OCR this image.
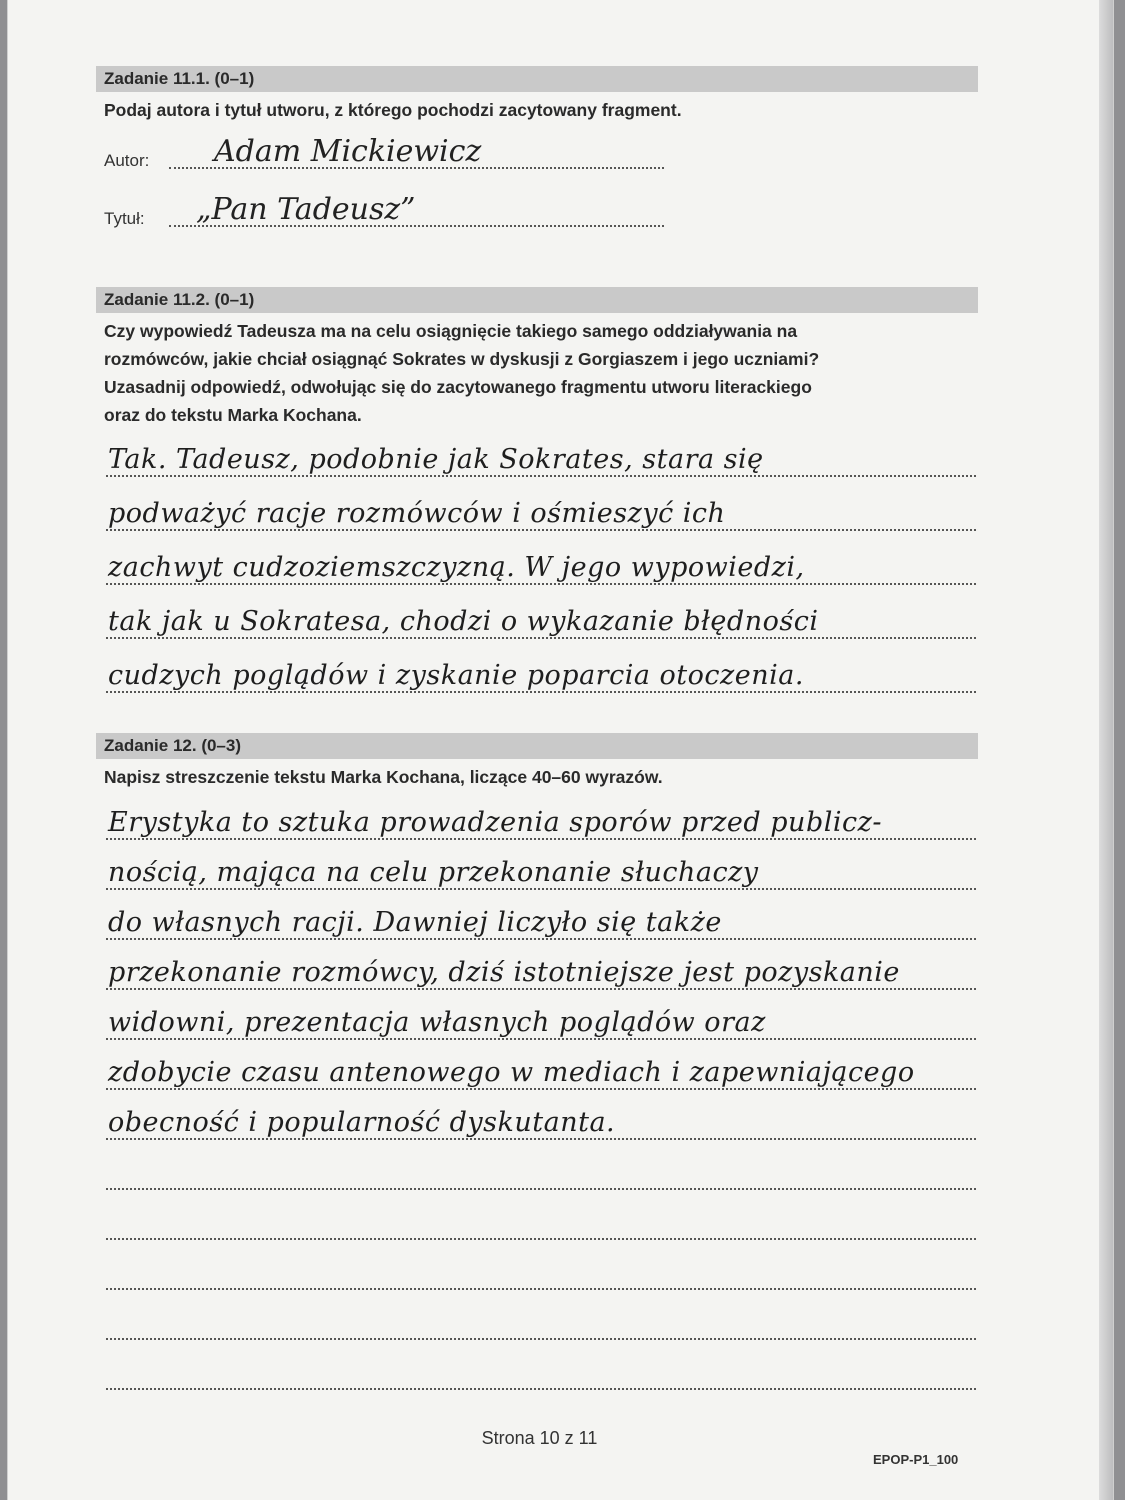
Zadanie 11.1. (0–1)
Podaj autora i tytuł utworu, z którego pochodzi zacytowany fragment.
Autor: Adam Mickiewicz
Tytuł: „Pan Tadeusz”
Zadanie 11.2. (0–1)
Czy wypowiedź Tadeusza ma na celu osiągnięcie takiego samego oddziaływania na
rozmówców, jakie chciał osiągnąć Sokrates w dyskusji z Gorgiaszem i jego uczniami?
Uzasadnij odpowiedź, odwołując się do zacytowanego fragmentu utworu literackiego
oraz do tekstu Marka Kochana.
Tak. Tadeusz, podobnie jak Sokrates, stara się
podważyć racje rozmówców i ośmieszyć ich
zachwyt cudzoziemszczyzną. W jego wypowiedzi,
tak jak u Sokratesa, chodzi o wykazanie błędności
cudzych poglądów i zyskanie poparcia otoczenia.
Zadanie 12. (0–3)
Napisz streszczenie tekstu Marka Kochana, liczące 40–60 wyrazów.
Erystyka to sztuka prowadzenia sporów przed publicz-
nością, mająca na celu przekonanie słuchaczy
do własnych racji. Dawniej liczyło się także
przekonanie rozmówcy, dziś istotniejsze jest pozyskanie
widowni, prezentacja własnych poglądów oraz
zdobycie czasu antenowego w mediach i zapewniającego
obecność i popularność dyskutanta.
Strona 10 z 11
EPOP-P1_100
